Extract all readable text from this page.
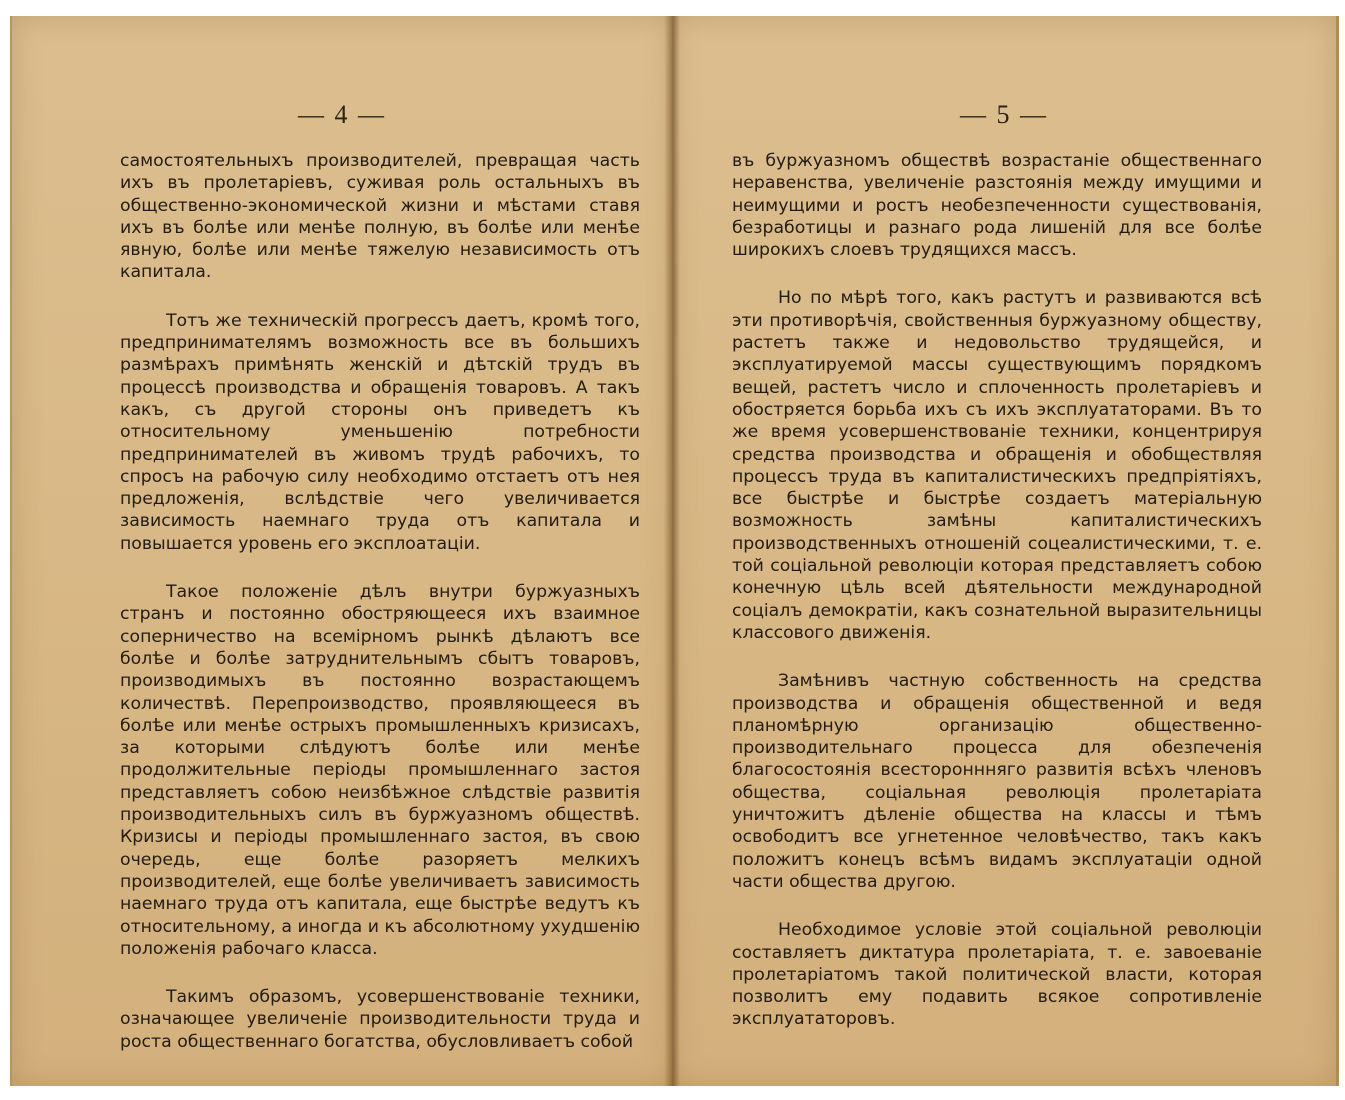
— 4 —

самостоятельныхъ производителей, превращая часть ихъ въ пролетаріевъ, суживая роль остальныхъ въ общественно-экономической жизни и мѣстами ставя ихъ въ болѣе или менѣе полную, въ болѣе или менѣе явную, болѣе или менѣе тяжелую независимость отъ капитала.

Тотъ же техническій прогрессъ даетъ, кромѣ того, предпринимателямъ возможность все въ большихъ размѣрахъ примѣнять женскій и дѣтскій трудъ въ процессѣ производства и обращенія товаровъ. А такъ какъ, съ другой стороны онъ приведетъ къ относительному уменьшенію потребности предпринимателей въ живомъ трудѣ рабочихъ, то спросъ на рабочую силу необходимо отстаетъ отъ нея предложенія, вслѣдствіе чего увеличивается зависимость наемнаго труда отъ капитала и повышается уровень его эксплоатаціи.

Такое положеніе дѣлъ внутри буржуазныхъ странъ и постоянно обостряющееся ихъ взаимное соперничество на всемірномъ рынкѣ дѣлаютъ все болѣе и болѣе затруднительнымъ сбытъ товаровъ, производимыхъ въ постоянно возрастающемъ количествѣ. Перепроизводство, проявляющееся въ болѣе или менѣе острыхъ промышленныхъ кризисахъ, за которыми слѣдуютъ болѣе или менѣе продолжительные періоды промышленнаго застоя представляетъ собою неизбѣжное слѣдствіе развитія производительныхъ силъ въ буржуазномъ обществѣ. Кризисы и періоды промышленнаго застоя, въ свою очередь, еще болѣе разоряетъ мелкихъ производителей, еще болѣе увеличиваетъ зависимость наемнаго труда отъ капитала, еще быстрѣе ведутъ къ относительному, а иногда и къ абсолютному ухудшенію положенія рабочаго класса.

Такимъ образомъ, усовершенствованіе техники, означающее увеличеніе производительности труда и роста общественнаго богатства, обусловливаетъ собой

— 5 —

въ буржуазномъ обществѣ возрастаніе общественнаго неравенства, увеличеніе разстоянія между имущими и неимущими и ростъ необезпеченности существованія, безработицы и разнаго рода лишеній для все болѣе широкихъ слоевъ трудящихся массъ.

Но по мѣрѣ того, какъ растутъ и развиваются всѣ эти противорѣчія, свойственныя буржуазному обществу, растетъ также и недовольство трудящейся, и эксплуатируемой массы существующимъ порядкомъ вещей, растетъ число и сплоченность пролетаріевъ и обостряется борьба ихъ съ ихъ эксплуататорами. Въ то же время усовершенствованіе техники, концентрируя средства производства и обращенія и обобществляя процессъ труда въ капиталистическихъ предпріятіяхъ, все быстрѣе и быстрѣе создаетъ матеріальную возможность замѣны капиталистическихъ производственныхъ отношеній соцеалистическими, т. е. той соціальной революціи которая представляетъ собою конечную цѣль всей дѣятельности международной соціалъ демократіи, какъ сознательной выразительницы классового движенія.

Замѣнивъ частную собственность на средства производства и обращенія общественной и ведя планомѣрную организацію общественно-производительнаго процесса для обезпеченія благосостоянія всестороннняго развитія всѣхъ членовъ общества, соціальная революція пролетаріата уничтожитъ дѣленіе общества на классы и тѣмъ освободитъ все угнетенное человѣчество, такъ какъ положитъ конецъ всѣмъ видамъ эксплуатаціи одной части общества другою.

Необходимое условіе этой соціальной революціи составляетъ диктатура пролетаріата, т. е. завоеваніе пролетаріатомъ такой политической власти, которая позволитъ ему подавить всякое сопротивленіе эксплуататоровъ.
